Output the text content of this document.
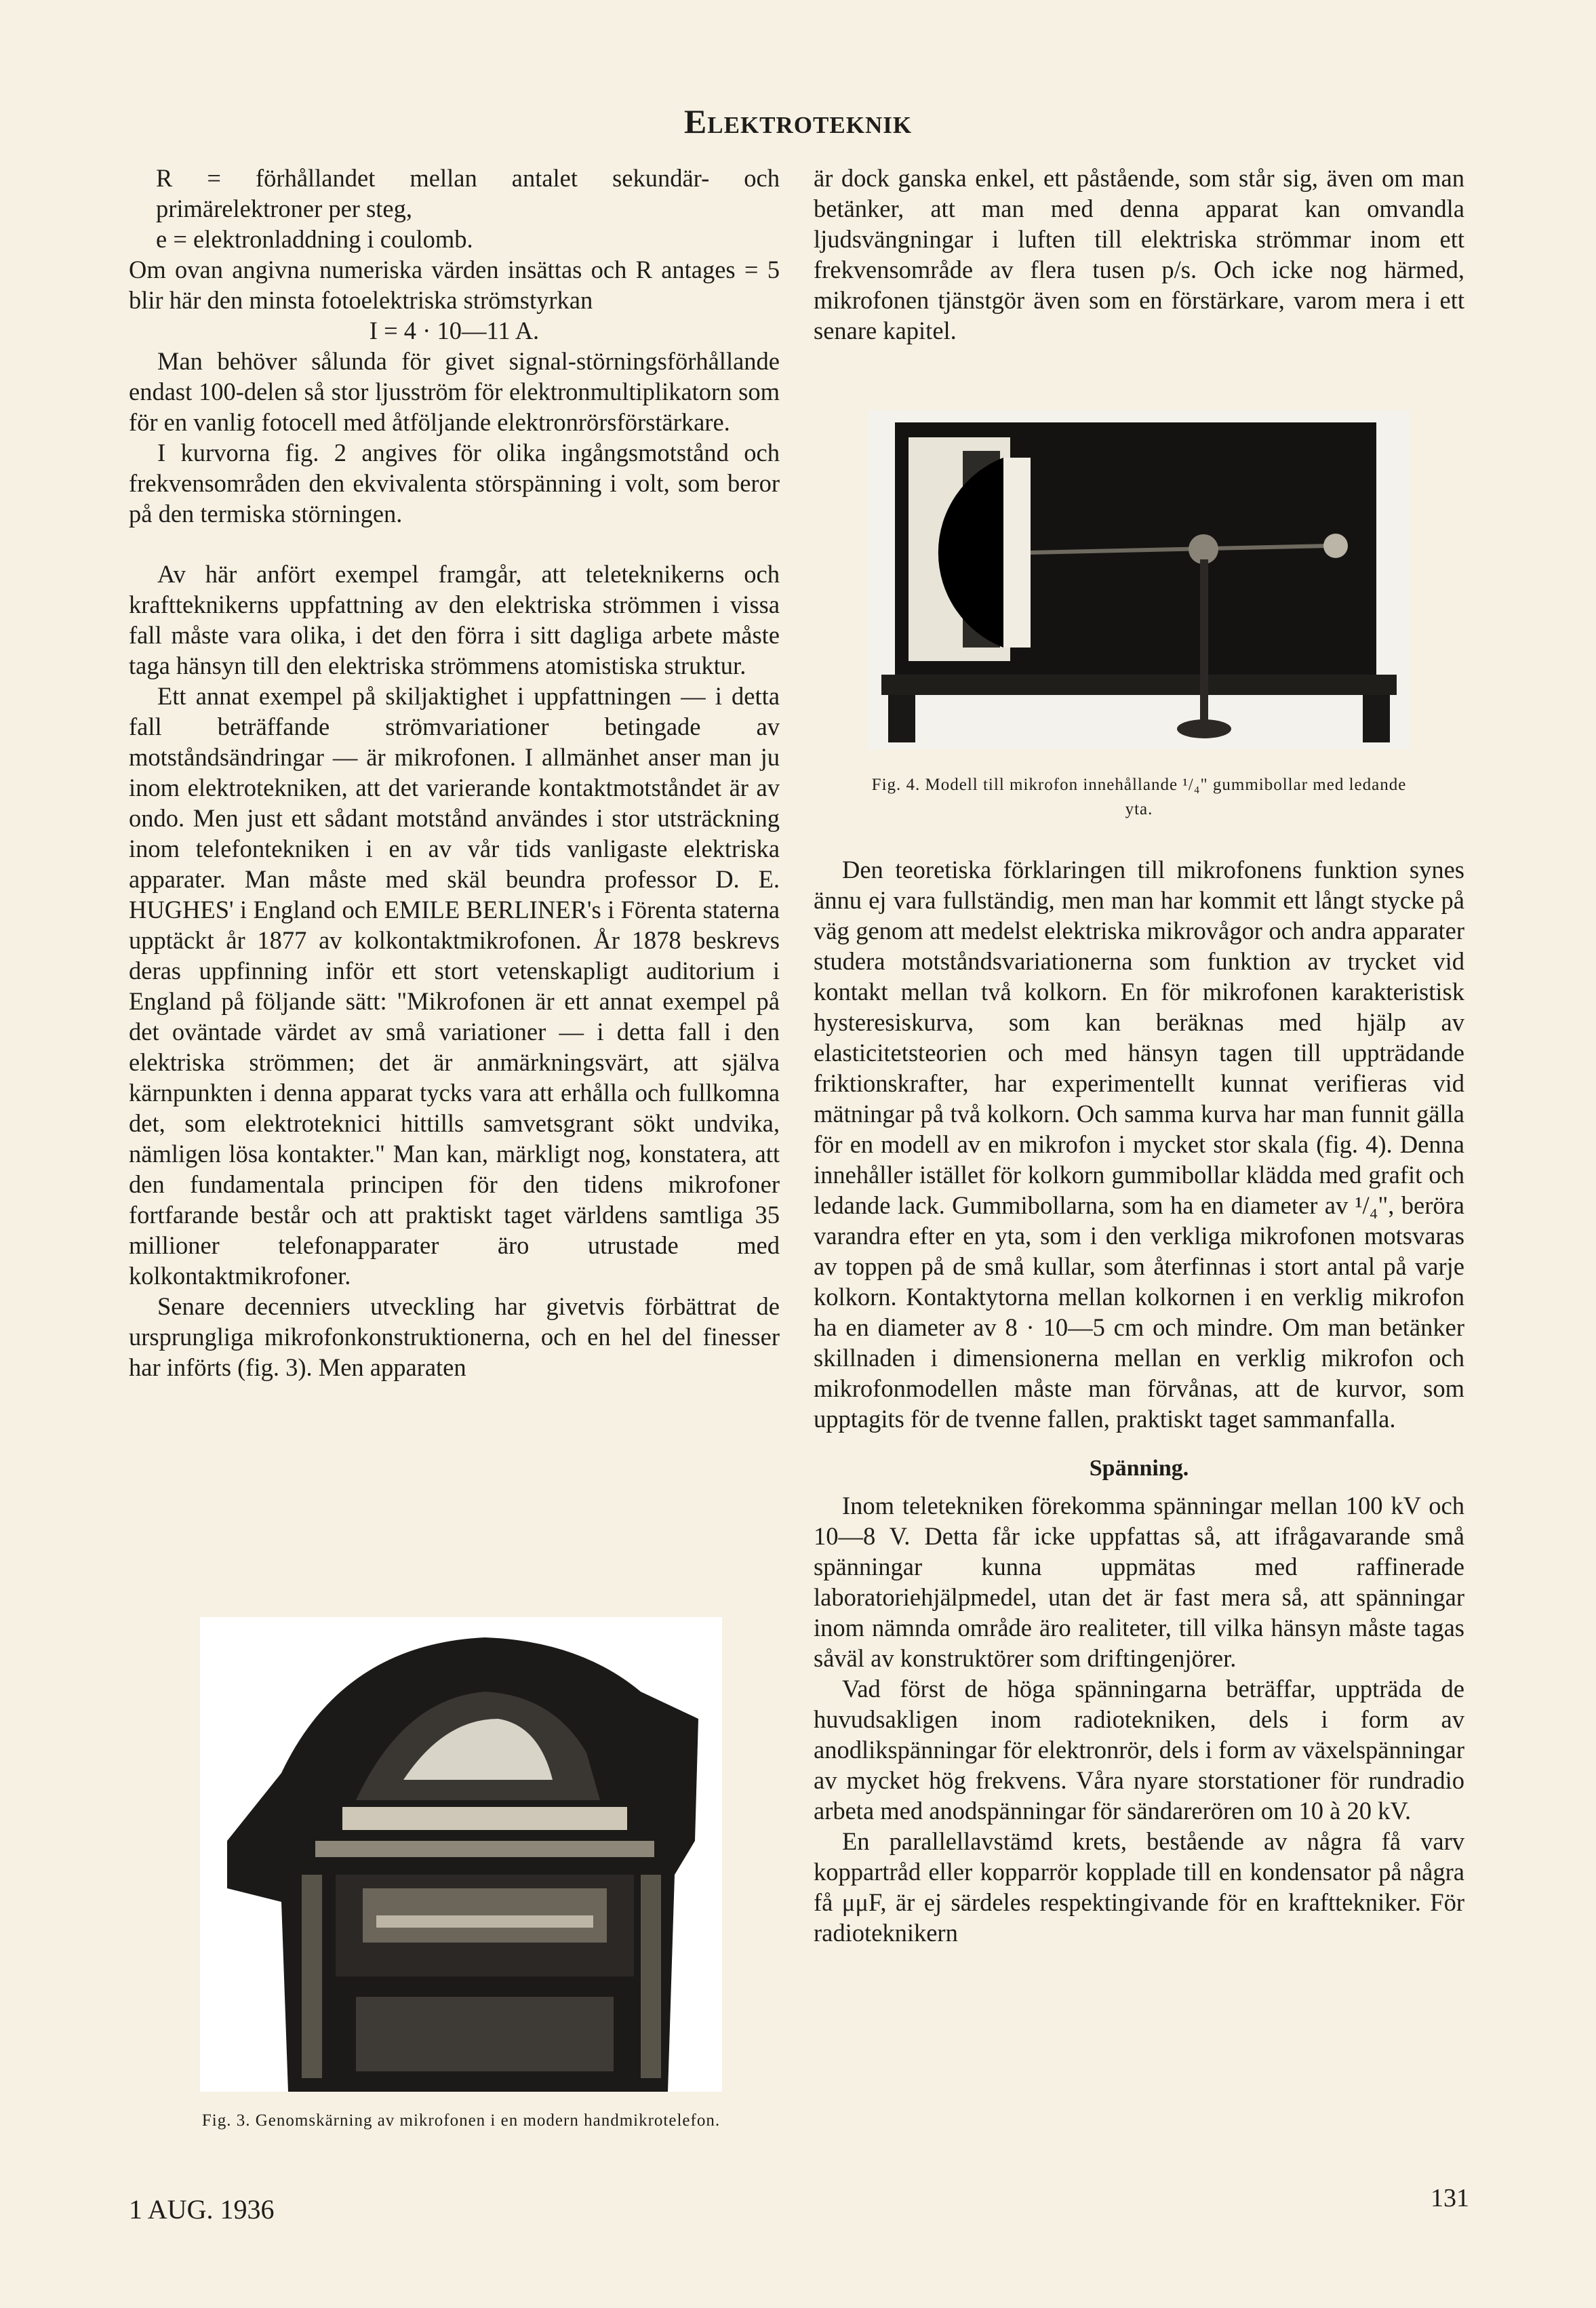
Elektroteknik

R = förhållandet mellan antalet sekundär- och primärelektroner per steg,

e = elektronladdning i coulomb.

Om ovan angivna numeriska värden insättas och R antages = 5 blir här den minsta fotoelektriska strömstyrkan

I = 4 · 10—11 A.

Man behöver sålunda för givet signal-störningsförhållande endast 100-delen så stor ljusström för elektronmultiplikatorn som för en vanlig fotocell med åtföljande elektronrörsförstärkare.

I kurvorna fig. 2 angives för olika ingångsmotstånd och frekvensområden den ekvivalenta störspänning i volt, som beror på den termiska störningen.

Av här anfört exempel framgår, att teleteknikerns och kraftteknikerns uppfattning av den elektriska strömmen i vissa fall måste vara olika, i det den förra i sitt dagliga arbete måste taga hänsyn till den elektriska strömmens atomistiska struktur.

Ett annat exempel på skiljaktighet i uppfattningen — i detta fall beträffande strömvariationer betingade av motståndsändringar — är mikrofonen. I allmänhet anser man ju inom elektrotekniken, att det varierande kontaktmotståndet är av ondo. Men just ett sådant motstånd användes i stor utsträckning inom telefontekniken i en av vår tids vanligaste elektriska apparater. Man måste med skäl beundra professor D. E. HUGHES' i England och EMILE BERLINER's i Förenta staterna upptäckt år 1877 av kolkontaktmikrofonen. År 1878 beskrevs deras uppfinning inför ett stort vetenskapligt auditorium i England på följande sätt: "Mikrofonen är ett annat exempel på det oväntade värdet av små variationer — i detta fall i den elektriska strömmen; det är anmärkningsvärt, att själva kärnpunkten i denna apparat tycks vara att erhålla och fullkomna det, som elektroteknici hittills samvetsgrant sökt undvika, nämligen lösa kontakter." Man kan, märkligt nog, konstatera, att den fundamentala principen för den tidens mikrofoner fortfarande består och att praktiskt taget världens samtliga 35 millioner telefonapparater äro utrustade med kolkontaktmikrofoner.

Senare decenniers utveckling har givetvis förbättrat de ursprungliga mikrofonkonstruktionerna, och en hel del finesser har införts (fig. 3). Men apparaten

Fig. 3. Genomskärning av mikrofonen i en modern handmikrotelefon.

är dock ganska enkel, ett påstående, som står sig, även om man betänker, att man med denna apparat kan omvandla ljudsvängningar i luften till elektriska strömmar inom ett frekvensområde av flera tusen p/s. Och icke nog härmed, mikrofonen tjänstgör även som en förstärkare, varom mera i ett senare kapitel.

Fig. 4. Modell till mikrofon innehållande ¹/₄" gummibollar med ledande yta.

Den teoretiska förklaringen till mikrofonens funktion synes ännu ej vara fullständig, men man har kommit ett långt stycke på väg genom att medelst elektriska mikrovågor och andra apparater studera motståndsvariationerna som funktion av trycket vid kontakt mellan två kolkorn. En för mikrofonen karakteristisk hysteresiskurva, som kan beräknas med hjälp av elasticitetsteorien och med hänsyn tagen till uppträdande friktionskrafter, har experimentellt kunnat verifieras vid mätningar på två kolkorn. Och samma kurva har man funnit gälla för en modell av en mikrofon i mycket stor skala (fig. 4). Denna innehåller istället för kolkorn gummibollar klädda med grafit och ledande lack. Gummibollarna, som ha en diameter av ¹/₄", beröra varandra efter en yta, som i den verkliga mikrofonen motsvaras av toppen på de små kullar, som återfinnas i stort antal på varje kolkorn. Kontaktytorna mellan kolkornen i en verklig mikrofon ha en diameter av 8 · 10—5 cm och mindre. Om man betänker skillnaden i dimensionerna mellan en verklig mikrofon och mikrofonmodellen måste man förvånas, att de kurvor, som upptagits för de tvenne fallen, praktiskt taget sammanfalla.

Spänning.

Inom teletekniken förekomma spänningar mellan 100 kV och 10—8 V. Detta får icke uppfattas så, att ifrågavarande små spänningar kunna uppmätas med raffinerade laboratoriehjälpmedel, utan det är fast mera så, att spänningar inom nämnda område äro realiteter, till vilka hänsyn måste tagas såväl av konstruktörer som driftingenjörer.

Vad först de höga spänningarna beträffar, uppträda de huvudsakligen inom radiotekniken, dels i form av anodlikspänningar för elektronrör, dels i form av växelspänningar av mycket hög frekvens. Våra nyare storstationer för rundradio arbeta med anodspänningar för sändarerören om 10 à 20 kV.

En parallellavstämd krets, bestående av några få varv koppartråd eller kopparrör kopplade till en kondensator på några få μμF, är ej särdeles respektingivande för en krafttekniker. För radioteknikern

1 AUG. 1936	131
